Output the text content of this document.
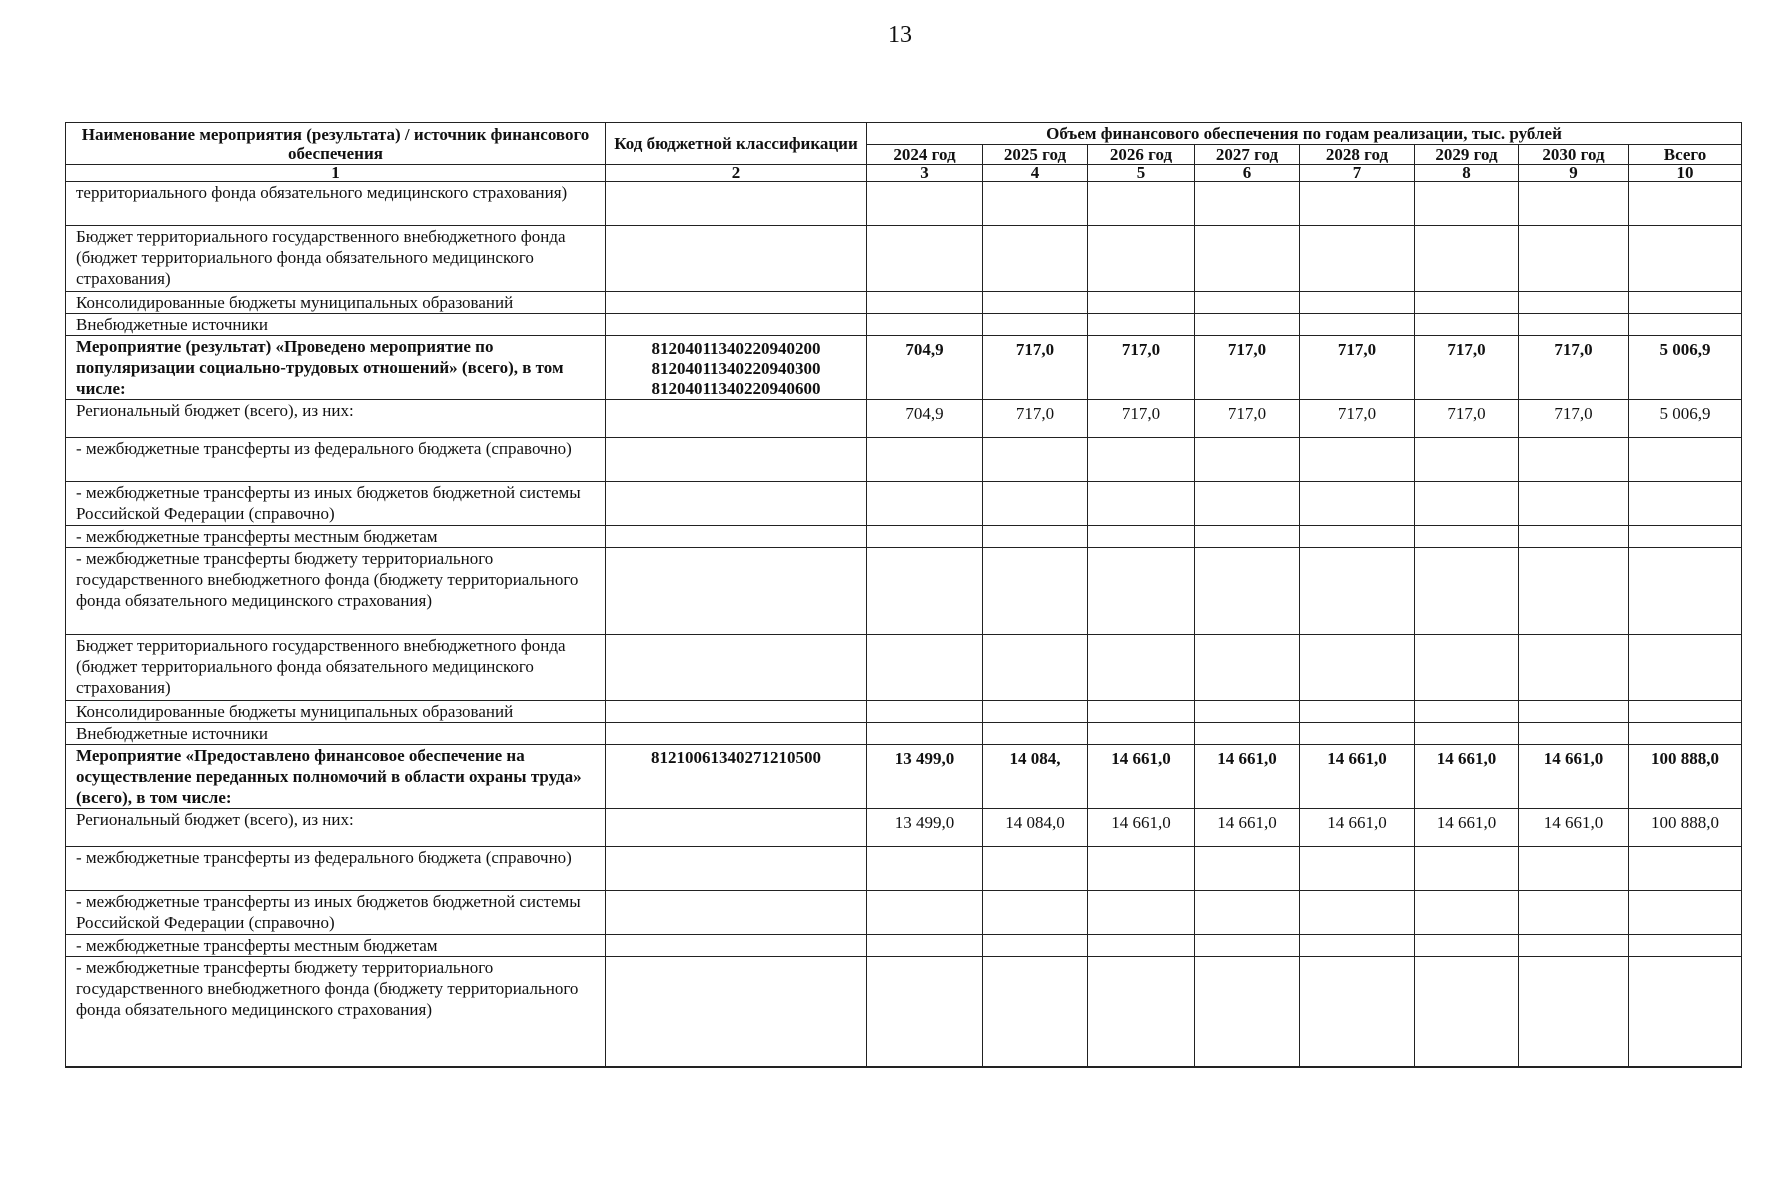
13
Наименование мероприятия (результата) / источник финансового обеспечения	Код бюджетной классификации	Объем финансового обеспечения по годам реализации, тыс. рублей							
		2024 год	2025 год	2026 год	2027 год	2028 год	2029 год	2030 год	Всего
1	2	3	4	5	6	7	8	9	10
территориального фонда обязательного медицинского страхования)									
Бюджет территориального государственного внебюджетного фонда (бюджет территориального фонда обязательного медицинского страхования)									
Консолидированные бюджеты муниципальных образований									
Внебюджетные источники									
Мероприятие (результат) «Проведено мероприятие по популяризации социально-трудовых отношений» (всего), в том числе:	81204011340220940200 81204011340220940300 81204011340220940600	704,9	717,0	717,0	717,0	717,0	717,0	717,0	5 006,9
Региональный бюджет (всего), из них:		704,9	717,0	717,0	717,0	717,0	717,0	717,0	5 006,9
- межбюджетные трансферты из федерального бюджета (справочно)									
- межбюджетные трансферты из иных бюджетов бюджетной системы Российской Федерации (справочно)									
- межбюджетные трансферты местным бюджетам									
- межбюджетные трансферты бюджету территориального государственного внебюджетного фонда (бюджету территориального фонда обязательного медицинского страхования)									
Бюджет территориального государственного внебюджетного фонда (бюджет территориального фонда обязательного медицинского страхования)									
Консолидированные бюджеты муниципальных образований									
Внебюджетные источники									
Мероприятие «Предоставлено финансовое обеспечение на осуществление переданных полномочий в области охраны труда» (всего), в том числе:	81210061340271210500	13 499,0	14 084,	14 661,0	14 661,0	14 661,0	14 661,0	14 661,0	100 888,0
Региональный бюджет (всего), из них:		13 499,0	14 084,0	14 661,0	14 661,0	14 661,0	14 661,0	14 661,0	100 888,0
- межбюджетные трансферты из федерального бюджета (справочно)									
- межбюджетные трансферты из иных бюджетов бюджетной системы Российской Федерации (справочно)									
- межбюджетные трансферты местным бюджетам									
- межбюджетные трансферты бюджету территориального государственного внебюджетного фонда (бюджету территориального фонда обязательного медицинского страхования)									
